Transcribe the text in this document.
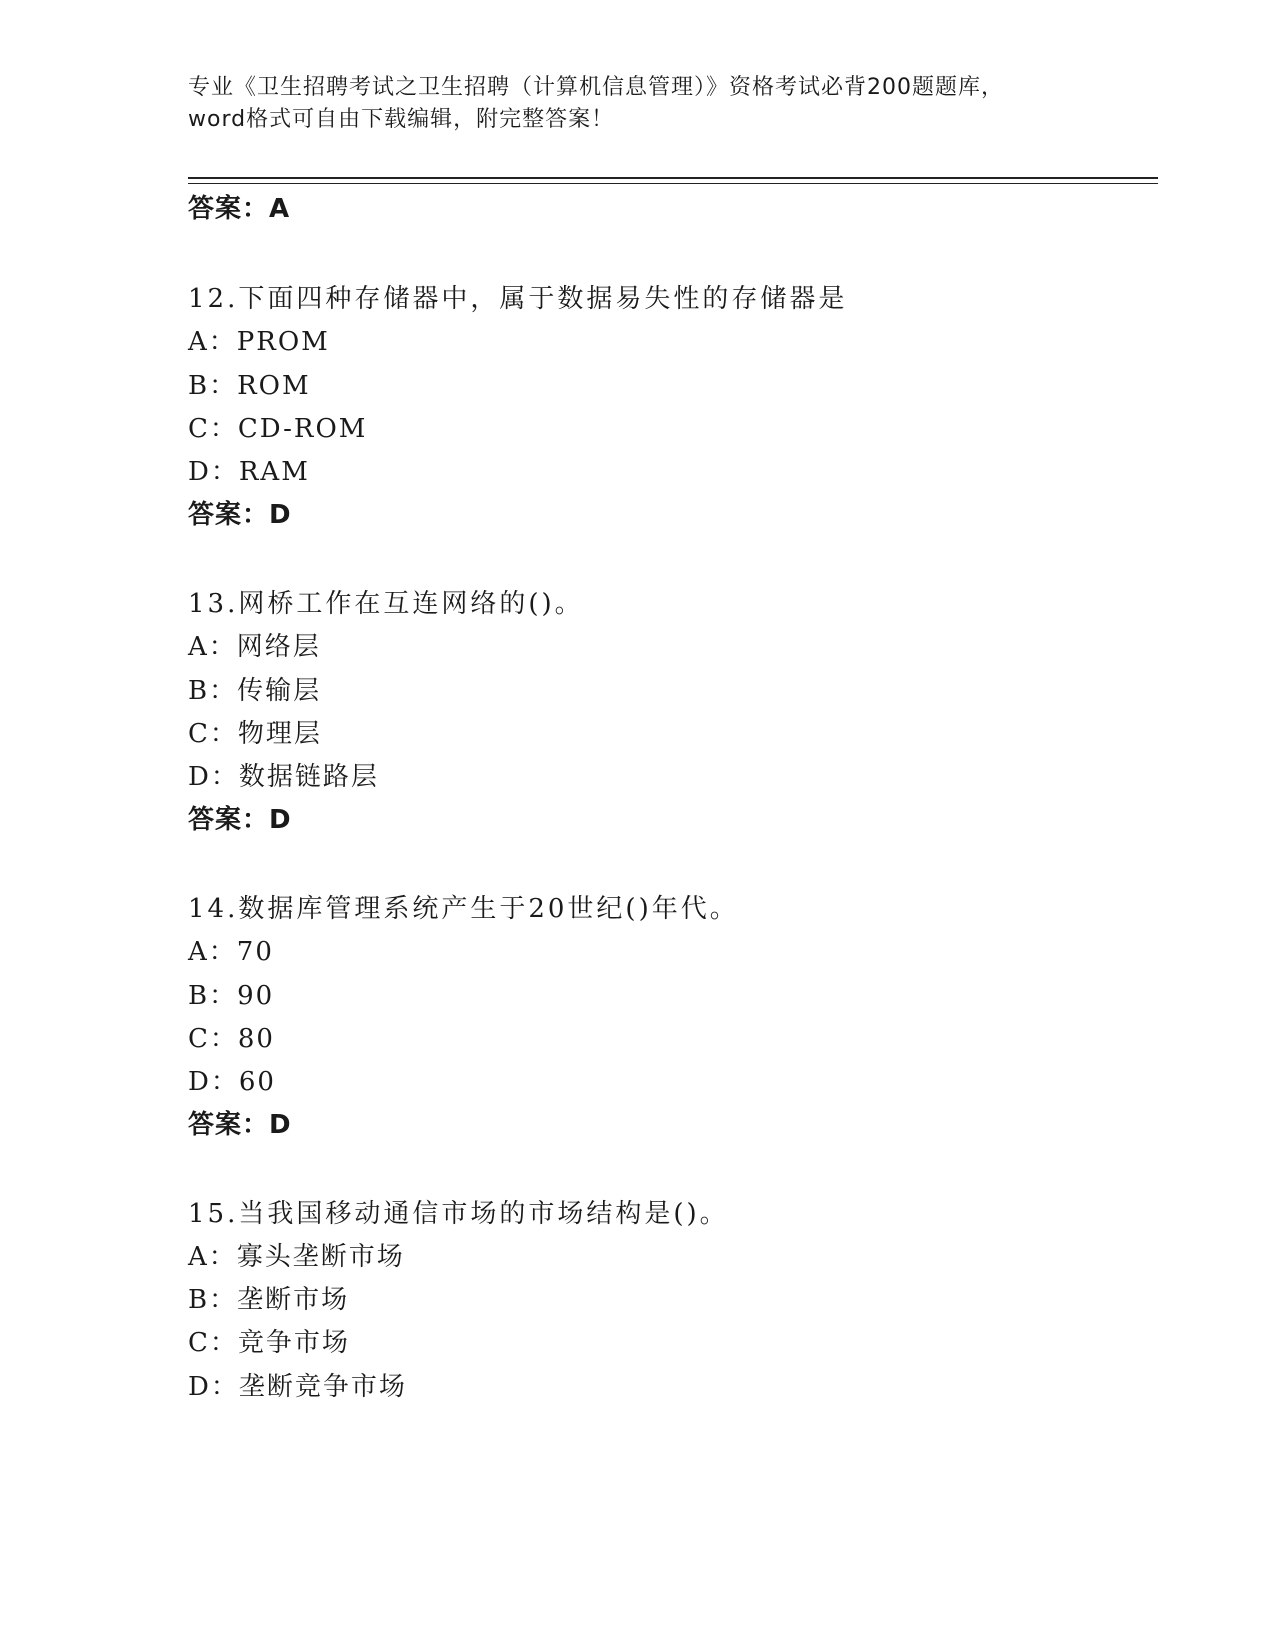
专业《卫生招聘考试之卫生招聘（计算机信息管理）》资格考试必背200题题库，
word格式可自由下载编辑，附完整答案！
答案：A
12.下面四种存储器中，属于数据易失性的存储器是
A：PROM
B：ROM
C：CD-ROM
D：RAM
答案：D
13.网桥工作在互连网络的()。
A：网络层
B：传输层
C：物理层
D：数据链路层
答案：D
14.数据库管理系统产生于20世纪()年代。
A：70
B：90
C：80
D：60
答案：D
15.当我国移动通信市场的市场结构是()。
A：寡头垄断市场
B：垄断市场
C：竞争市场
D：垄断竞争市场
